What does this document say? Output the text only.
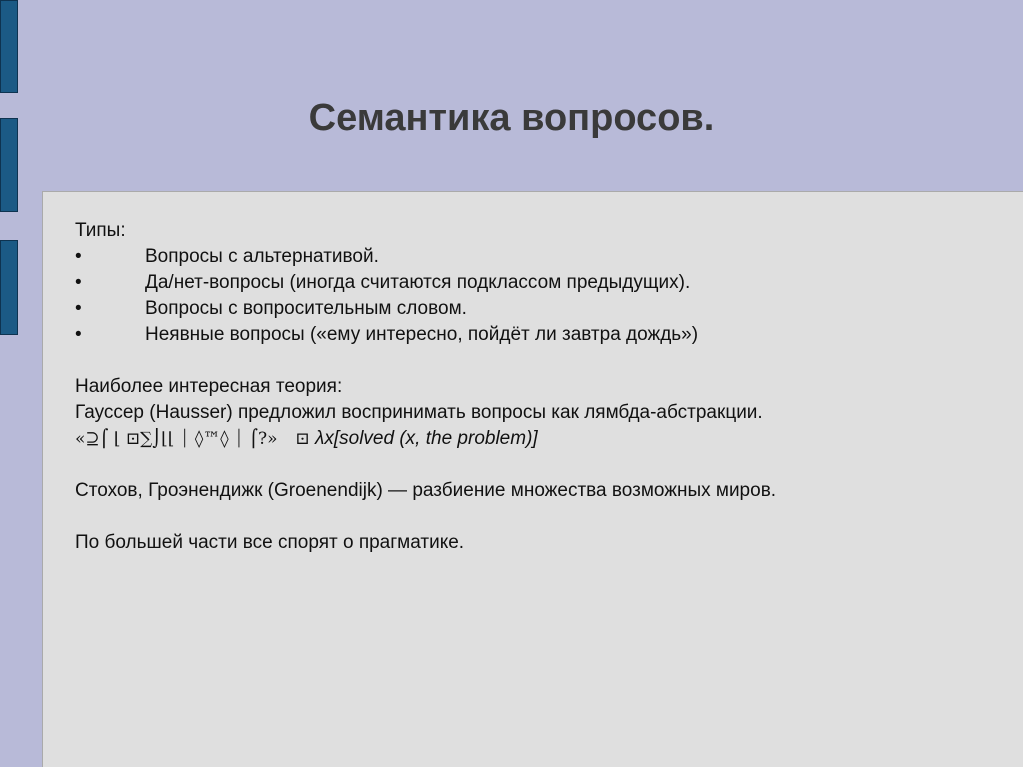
Семантика вопросов.
Типы:
•	Вопросы с альтернативой.
•	Да/нет-вопросы (иногда считаются подклассом предыдущих).
•	Вопросы с вопросительным словом.
•	Неявные вопросы («ему интересно, пойдёт ли завтра дождь»)
Наиболее интересная теория:
Гауссер (Hausser) предложил воспринимать вопросы как лямбда-абстракции.
«⊇⌠ ⌊ ⊡∑⌡⌊⌊ ⏐ ◊™◊ ⏐ ⌠?» ⊡ λx[solved (x, the problem)]
Стохов, Гроэнендижк (Groenendijk) — разбиение множества возможных миров.
По большей части все спорят о прагматике.
